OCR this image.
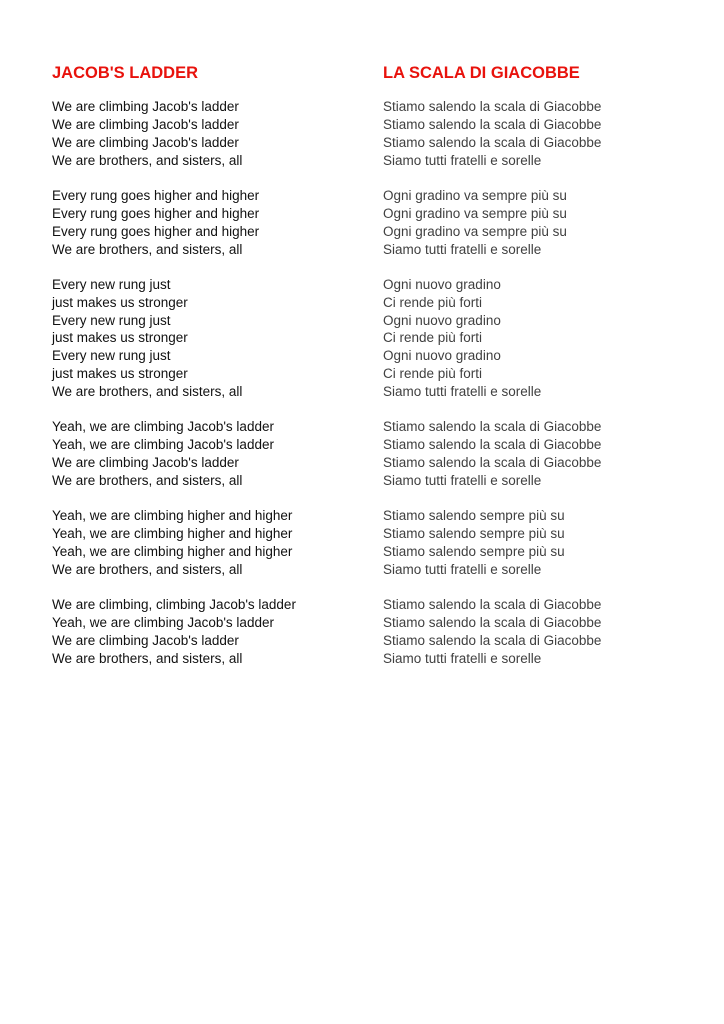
JACOB'S LADDER
We are climbing Jacob's ladder
We are climbing Jacob's ladder
We are climbing Jacob's ladder
We are brothers, and sisters, all
Every rung goes higher and higher
Every rung goes higher and higher
Every rung goes higher and higher
We are brothers, and sisters, all
Every new rung just
just makes us stronger
Every new rung just
just makes us stronger
Every new rung just
just makes us stronger
We are brothers, and sisters, all
Yeah, we are climbing Jacob's ladder
Yeah, we are climbing Jacob's ladder
We are climbing Jacob's ladder
We are brothers, and sisters, all
Yeah, we are climbing higher and higher
Yeah, we are climbing higher and higher
Yeah, we are climbing higher and higher
We are brothers, and sisters, all
We are climbing, climbing Jacob's ladder
Yeah, we are climbing Jacob's ladder
We are climbing Jacob's ladder
We are brothers, and sisters, all
LA SCALA DI GIACOBBE
Stiamo salendo la scala di Giacobbe
Stiamo salendo la scala di Giacobbe
Stiamo salendo la scala di Giacobbe
Siamo tutti fratelli e sorelle
Ogni gradino va sempre più su
Ogni gradino va sempre più su
Ogni gradino va sempre più su
Siamo tutti fratelli e sorelle
Ogni nuovo gradino
Ci rende più forti
Ogni nuovo gradino
Ci rende più forti
Ogni nuovo gradino
Ci rende più forti
Siamo tutti fratelli e sorelle
Stiamo salendo la scala di Giacobbe
Stiamo salendo la scala di Giacobbe
Stiamo salendo la scala di Giacobbe
Siamo tutti fratelli e sorelle
Stiamo salendo sempre più su
Stiamo salendo sempre più su
Stiamo salendo sempre più su
Siamo tutti fratelli e sorelle
Stiamo salendo la scala di Giacobbe
Stiamo salendo la scala di Giacobbe
Stiamo salendo la scala di Giacobbe
Siamo tutti fratelli e sorelle
